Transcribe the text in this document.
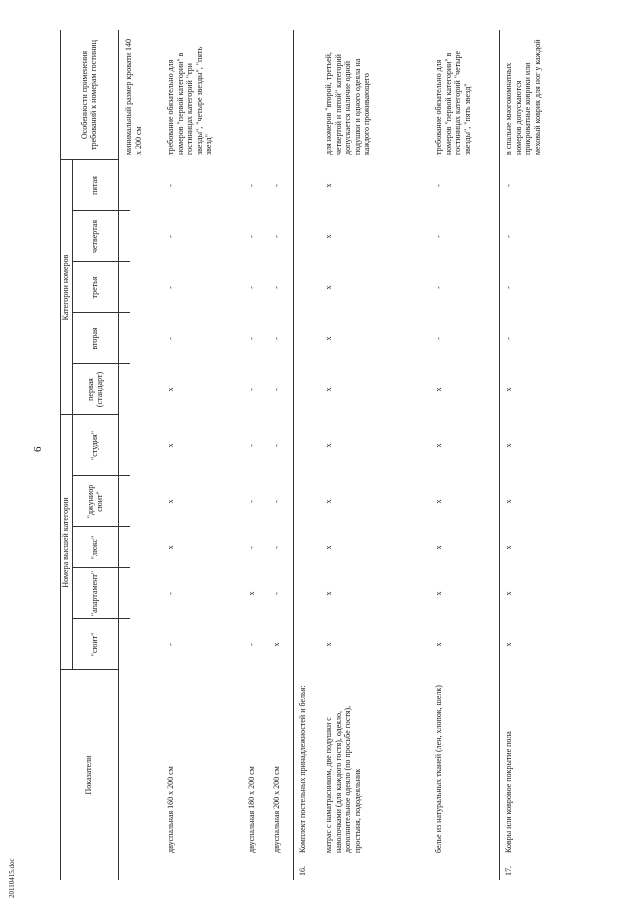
6
20110415.doc
Показатели
Номера высшей категории
Категории номеров
Особенности применения требований к номерам гостиниц
"сюит"
"апартамент"
"люкс"
"джуниор сюит"
"студия"
первая (стандарт)
вторая
третья
четвертая
пятая
минимальный размер кровати 140 х 200 см
двуспальная 160 х 200 см
-
-
x
x
x
x
-
-
-
-
требование обязательно для номеров "первой категории" в гостиницах категорий "три звезды", "четыре звезды", "пять звезд"
двуспальная 180 х 200 см
-
x
-
-
-
-
-
-
-
-
двуспальная 200 х 200 см
x
-
-
-
-
-
-
-
-
-
16.
Комплект постельных принадлежностей и белья:	матрас с наматрасником, две подушки с наволочками (для каждого гостя), одеяло, дополнительное одеяло (по просьбе гостя), простыня, пододеяльник
x
x
x
x
x
x
x
x
x
x
для номеров "второй, третьей, четвертой и пятой" категорий допускается наличие одной подушки и одного одеяла на каждого проживающего
белье из натуральных тканей (лен, хлопок, шелк)
x
x
x
x
x
x
-
-
-
-
требование обязательно для номеров "первой категории" в гостиницах категорий "четыре звезды", "пять звезд"
17.
Ковры или ковровое покрытие пола
x
x
x
x
x
x
-
-
-
-
в спальне многокомнатных номеров допускаются прикроватные коврики или меховый коврик для ног у каждой
